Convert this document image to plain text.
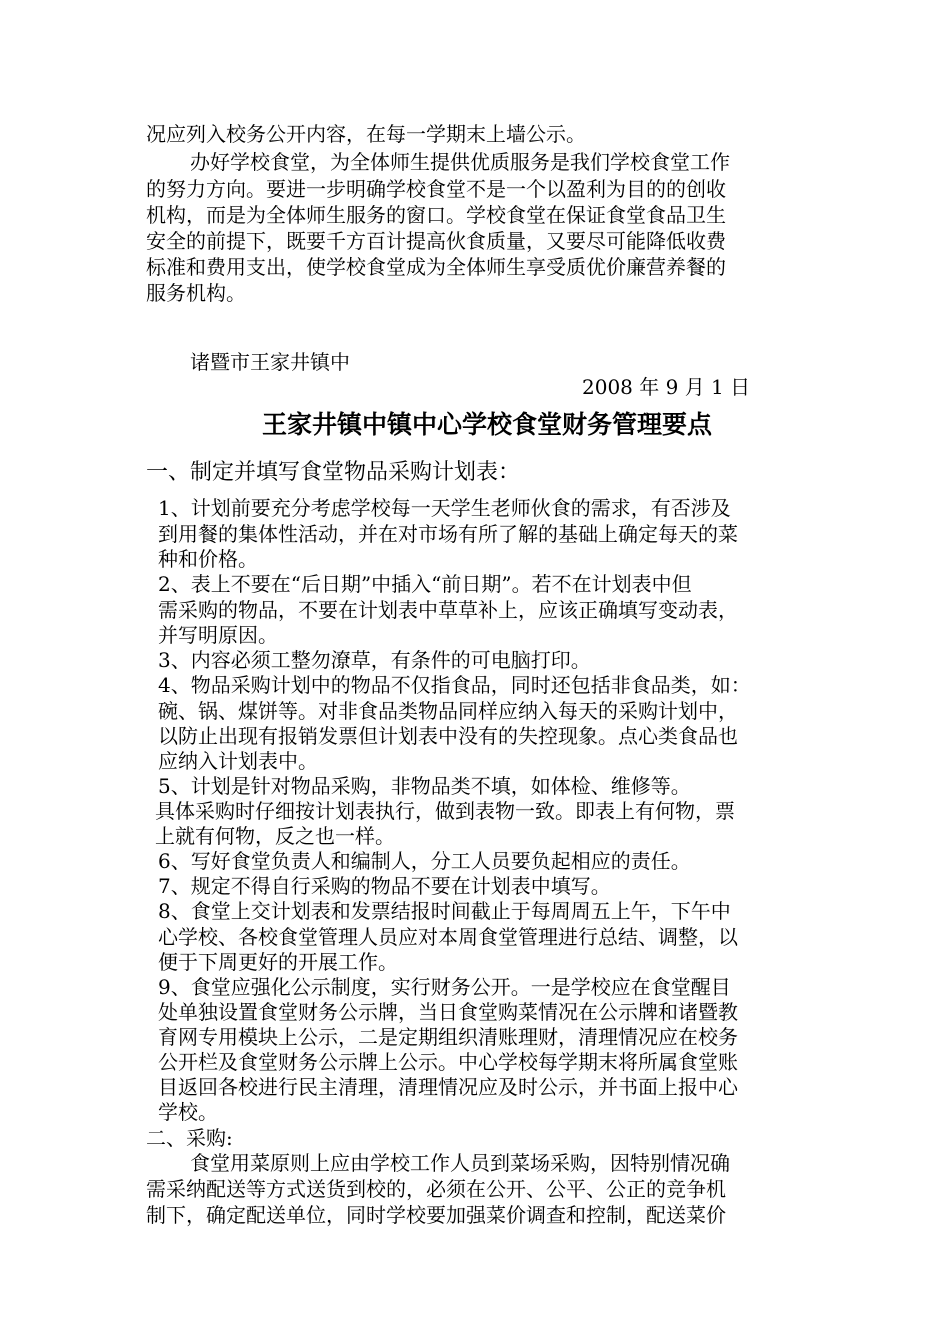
况应列入校务公开内容，在每一学期末上墙公示。
办好学校食堂，为全体师生提供优质服务是我们学校食堂工作
的努力方向。要进一步明确学校食堂不是一个以盈利为目的的创收
机构，而是为全体师生服务的窗口。学校食堂在保证食堂食品卫生
安全的前提下，既要千方百计提高伙食质量，又要尽可能降低收费
标准和费用支出，使学校食堂成为全体师生享受质优价廉营养餐的
服务机构。
诸暨市王家井镇中
2008 年 9 月 1 日
王家井镇中镇中心学校食堂财务管理要点
一、制定并填写食堂物品采购计划表：
1、计划前要充分考虑学校每一天学生老师伙食的需求，有否涉及
到用餐的集体性活动，并在对市场有所了解的基础上确定每天的菜
种和价格。
2、表上不要在“后日期”中插入“前日期”。若不在计划表中但
需采购的物品，不要在计划表中草草补上，应该正确填写变动表，
并写明原因。
3、内容必须工整勿潦草，有条件的可电脑打印。
4、物品采购计划中的物品不仅指食品，同时还包括非食品类，如：
碗、锅、煤饼等。对非食品类物品同样应纳入每天的采购计划中，
以防止出现有报销发票但计划表中没有的失控现象。点心类食品也
应纳入计划表中。
5、计划是针对物品采购，非物品类不填，如体检、维修等。
具体采购时仔细按计划表执行，做到表物一致。即表上有何物，票
上就有何物，反之也一样。
6、写好食堂负责人和编制人，分工人员要负起相应的责任。
7、规定不得自行采购的物品不要在计划表中填写。
8、食堂上交计划表和发票结报时间截止于每周周五上午，下午中
心学校、各校食堂管理人员应对本周食堂管理进行总结、调整，以
便于下周更好的开展工作。
9、食堂应强化公示制度，实行财务公开。一是学校应在食堂醒目
处单独设置食堂财务公示牌，当日食堂购菜情况在公示牌和诸暨教
育网专用模块上公示，二是定期组织清账理财，清理情况应在校务
公开栏及食堂财务公示牌上公示。中心学校每学期末将所属食堂账
目返回各校进行民主清理，清理情况应及时公示，并书面上报中心
学校。
二、采购:
食堂用菜原则上应由学校工作人员到菜场采购，因特别情况确
需采纳配送等方式送货到校的，必须在公开、公平、公正的竞争机
制下，确定配送单位，同时学校要加强菜价调查和控制，配送菜价
